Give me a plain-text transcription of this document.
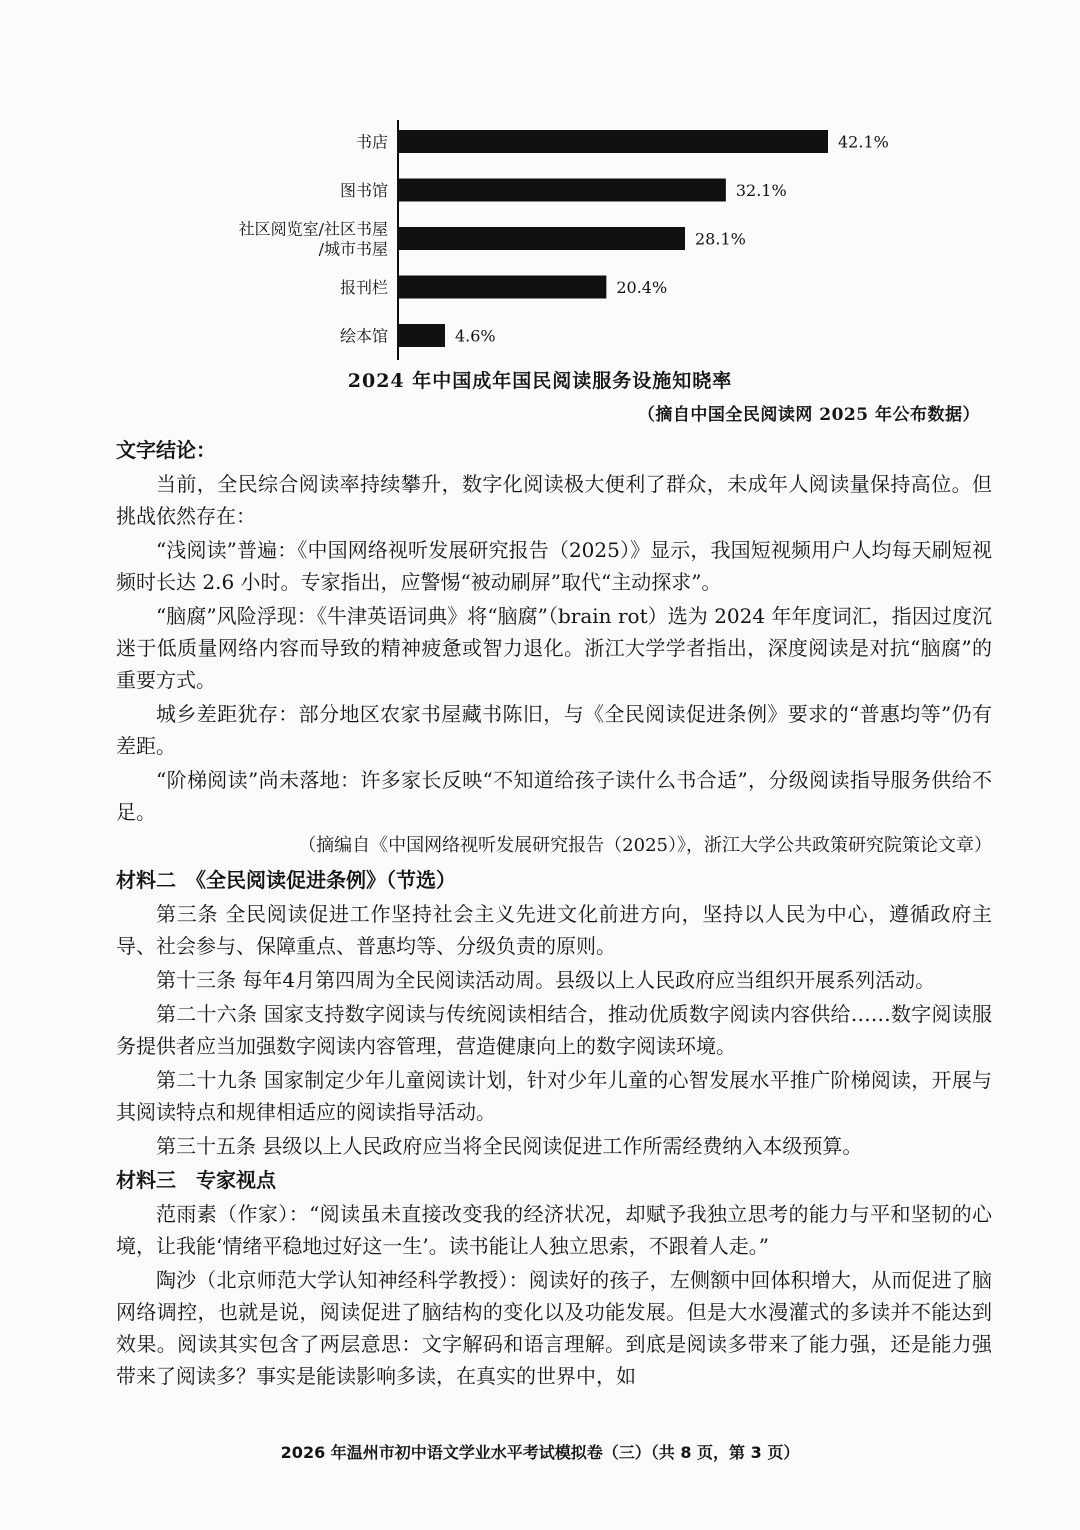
42.1%
书店
32.1%
图书馆
28.1%
社区阅览室/社区书屋
/城市书屋
20.4%
报刊栏
4.6%
绘本馆
2024 年中国成年国民阅读服务设施知晓率
（摘自中国全民阅读网 2025 年公布数据）
文字结论：

当前，全民综合阅读率持续攀升，数字化阅读极大便利了群众，未成年人阅读量保持高位。但挑战依然存在：

“浅阅读”普遍：《中国网络视听发展研究报告（2025）》显示，我国短视频用户人均每天刷短视频时长达 2.6 小时。专家指出，应警惕“被动刷屏”取代“主动探求”。

“脑腐”风险浮现：《牛津英语词典》将“脑腐”（brain rot）选为 2024 年年度词汇，指因过度沉迷于低质量网络内容而导致的精神疲惫或智力退化。浙江大学学者指出，深度阅读是对抗“脑腐”的重要方式。

城乡差距犹存：部分地区农家书屋藏书陈旧，与《全民阅读促进条例》要求的“普惠均等”仍有差距。

“阶梯阅读”尚未落地：许多家长反映“不知道给孩子读什么书合适”，分级阅读指导服务供给不足。

（摘编自《中国网络视听发展研究报告（2025）》，浙江大学公共政策研究院策论文章）

材料二　《全民阅读促进条例》（节选）

第三条 全民阅读促进工作坚持社会主义先进文化前进方向，坚持以人民为中心，遵循政府主导、社会参与、保障重点、普惠均等、分级负责的原则。

第十三条 每年4月第四周为全民阅读活动周。县级以上人民政府应当组织开展系列活动。

第二十六条 国家支持数字阅读与传统阅读相结合，推动优质数字阅读内容供给……数字阅读服务提供者应当加强数字阅读内容管理，营造健康向上的数字阅读环境。

第二十九条 国家制定少年儿童阅读计划，针对少年儿童的心智发展水平推广阶梯阅读，开展与其阅读特点和规律相适应的阅读指导活动。

第三十五条 县级以上人民政府应当将全民阅读促进工作所需经费纳入本级预算。

材料三　专家视点

范雨素（作家）：“阅读虽未直接改变我的经济状况，却赋予我独立思考的能力与平和坚韧的心境，让我能‘情绪平稳地过好这一生’。读书能让人独立思索，不跟着人走。”

陶沙（北京师范大学认知神经科学教授）：阅读好的孩子，左侧额中回体积增大，从而促进了脑网络调控，也就是说，阅读促进了脑结构的变化以及功能发展。但是大水漫灌式的多读并不能达到效果。阅读其实包含了两层意思：文字解码和语言理解。到底是阅读多带来了能力强，还是能力强带来了阅读多？事实是能读影响多读，在真实的世界中，如

2026 年温州市初中语文学业水平考试模拟卷（三）（共 8 页，第 3 页）
